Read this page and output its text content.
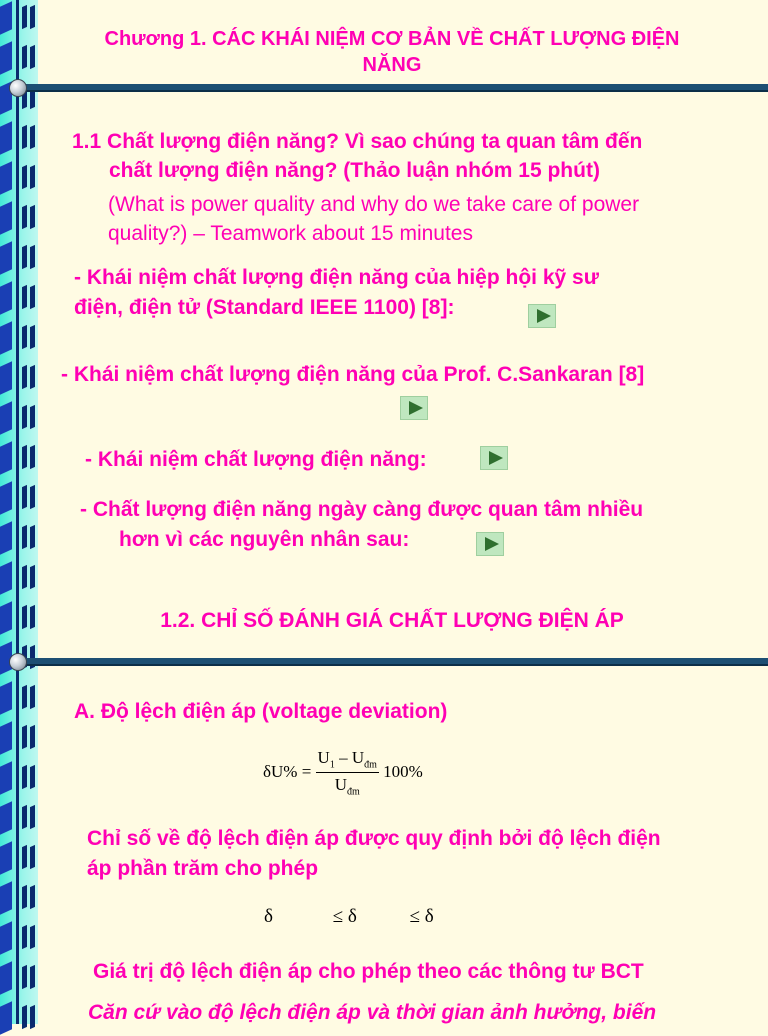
Chương 1. CÁC KHÁI NIỆM CƠ BẢN VỀ CHẤT LƯỢNG ĐIỆN
NĂNG

1.1 Chất lượng điện năng? Vì sao chúng ta quan tâm đến
chất lượng điện năng? (Thảo luận nhóm 15 phút)

(What is power quality and why do we take care of power
quality?) – Teamwork about 15 minutes

- Khái niệm chất lượng điện năng của hiệp hội kỹ sư
điện, điện tử (Standard IEEE 1100) [8]:

- Khái niệm chất lượng điện năng của Prof. C.Sankaran [8]

- Khái niệm chất lượng điện năng:

- Chất lượng điện năng ngày càng được quan tâm nhiều
hơn vì các nguyên nhân sau:

1.2. CHỈ SỐ ĐÁNH GIÁ CHẤT LƯỢNG ĐIỆN ÁP

A. Độ lệch điện áp (voltage deviation)

$\delta U\% = \frac{U_1 - U_{đm}}{U_{đm}} 100\%$

Chỉ số về độ lệch điện áp được quy định bởi độ lệch điện
áp phần trăm cho phép

δ	≤ δ	≤ δ

Giá trị độ lệch điện áp cho phép theo các thông tư BCT

Căn cứ vào độ lệch điện áp và thời gian ảnh hưởng, biến
